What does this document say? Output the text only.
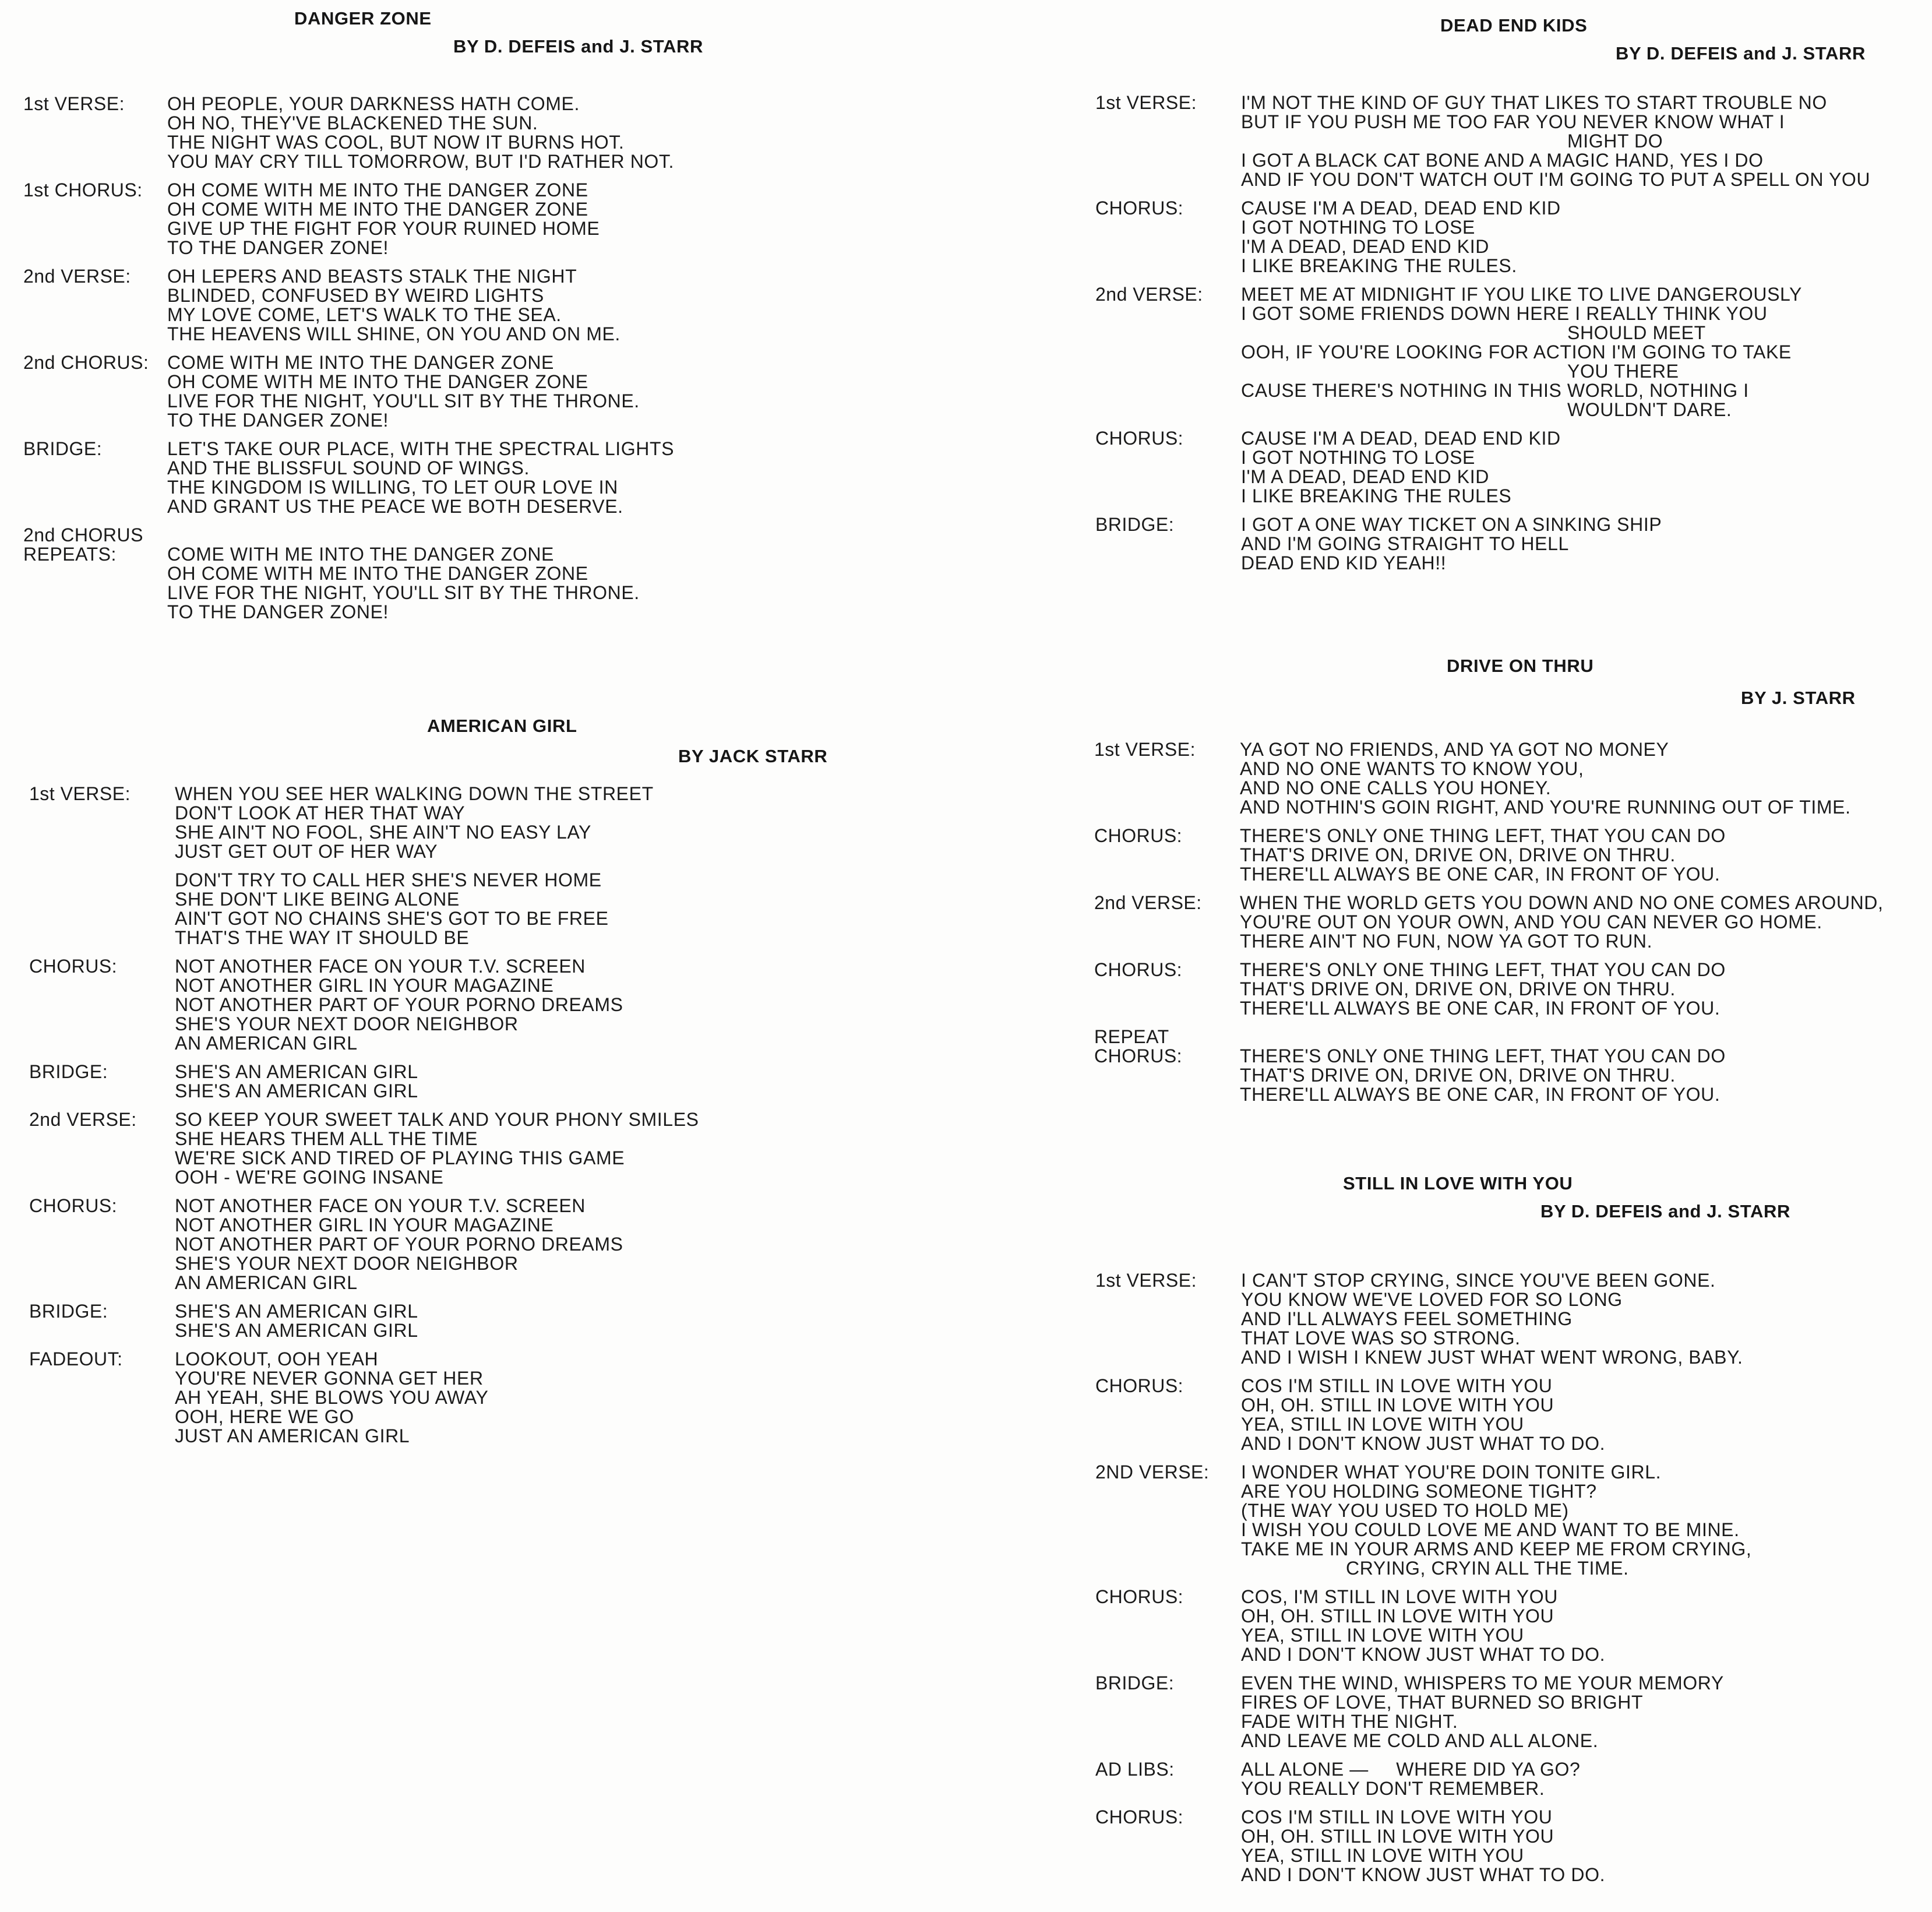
DANGER ZONE
BY D. DEFEIS and J. STARR
1st VERSE:	OH PEOPLE, YOUR DARKNESS HATH COME.
OH NO, THEY'VE BLACKENED THE SUN.
THE NIGHT WAS COOL, BUT NOW IT BURNS HOT.
YOU MAY CRY TILL TOMORROW, BUT I'D RATHER NOT.
1st CHORUS:	OH COME WITH ME INTO THE DANGER ZONE
OH COME WITH ME INTO THE DANGER ZONE
GIVE UP THE FIGHT FOR YOUR RUINED HOME
TO THE DANGER ZONE!
2nd VERSE:	OH LEPERS AND BEASTS STALK THE NIGHT
BLINDED, CONFUSED BY WEIRD LIGHTS
MY LOVE COME, LET'S WALK TO THE SEA.
THE HEAVENS WILL SHINE, ON YOU AND ON ME.
2nd CHORUS: COME WITH ME INTO THE DANGER ZONE
OH COME WITH ME INTO THE DANGER ZONE
LIVE FOR THE NIGHT, YOU'LL SIT BY THE THRONE.
TO THE DANGER ZONE!
BRIDGE:	LET'S TAKE OUR PLACE, WITH THE SPECTRAL LIGHTS
AND THE BLISSFUL SOUND OF WINGS.
THE KINGDOM IS WILLING, TO LET OUR LOVE IN
AND GRANT US THE PEACE WE BOTH DESERVE.
2nd CHORUS
REPEATS:	COME WITH ME INTO THE DANGER ZONE
OH COME WITH ME INTO THE DANGER ZONE
LIVE FOR THE NIGHT, YOU'LL SIT BY THE THRONE.
TO THE DANGER ZONE!
AMERICAN GIRL
BY JACK STARR
1st VERSE:	WHEN YOU SEE HER WALKING DOWN THE STREET
DON'T LOOK AT HER THAT WAY
SHE AIN'T NO FOOL, SHE AIN'T NO EASY LAY
JUST GET OUT OF HER WAY
DON'T TRY TO CALL HER SHE'S NEVER HOME
SHE DON'T LIKE BEING ALONE
AIN'T GOT NO CHAINS SHE'S GOT TO BE FREE
THAT'S THE WAY IT SHOULD BE
CHORUS:	NOT ANOTHER FACE ON YOUR T.V. SCREEN
NOT ANOTHER GIRL IN YOUR MAGAZINE
NOT ANOTHER PART OF YOUR PORNO DREAMS
SHE'S YOUR NEXT DOOR NEIGHBOR
AN AMERICAN GIRL
BRIDGE:	SHE'S AN AMERICAN GIRL
SHE'S AN AMERICAN GIRL
2nd VERSE:	SO KEEP YOUR SWEET TALK AND YOUR PHONY SMILES
SHE HEARS THEM ALL THE TIME
WE'RE SICK AND TIRED OF PLAYING THIS GAME
OOH - WE'RE GOING INSANE
CHORUS:	NOT ANOTHER FACE ON YOUR T.V. SCREEN
NOT ANOTHER GIRL IN YOUR MAGAZINE
NOT ANOTHER PART OF YOUR PORNO DREAMS
SHE'S YOUR NEXT DOOR NEIGHBOR
AN AMERICAN GIRL
BRIDGE:	SHE'S AN AMERICAN GIRL
SHE'S AN AMERICAN GIRL
FADEOUT:	LOOKOUT, OOH YEAH
YOU'RE NEVER GONNA GET HER
AH YEAH, SHE BLOWS YOU AWAY
OOH, HERE WE GO
JUST AN AMERICAN GIRL
DEAD END KIDS
BY D. DEFEIS and J. STARR
1st VERSE:	I'M NOT THE KIND OF GUY THAT LIKES TO START TROUBLE NO
BUT IF YOU PUSH ME TOO FAR YOU NEVER KNOW WHAT I
MIGHT DO
I GOT A BLACK CAT BONE AND A MAGIC HAND, YES I DO
AND IF YOU DON'T WATCH OUT I'M GOING TO PUT A SPELL ON YOU
CHORUS:	CAUSE I'M A DEAD, DEAD END KID
I GOT NOTHING TO LOSE
I'M A DEAD, DEAD END KID
I LIKE BREAKING THE RULES.
2nd VERSE:	MEET ME AT MIDNIGHT IF YOU LIKE TO LIVE DANGEROUSLY
I GOT SOME FRIENDS DOWN HERE I REALLY THINK YOU
SHOULD MEET
OOH, IF YOU'RE LOOKING FOR ACTION I'M GOING TO TAKE
YOU THERE
CAUSE THERE'S NOTHING IN THIS WORLD, NOTHING I
WOULDN'T DARE.
CHORUS:	CAUSE I'M A DEAD, DEAD END KID
I GOT NOTHING TO LOSE
I'M A DEAD, DEAD END KID
I LIKE BREAKING THE RULES
BRIDGE:	I GOT A ONE WAY TICKET ON A SINKING SHIP
AND I'M GOING STRAIGHT TO HELL
DEAD END KID YEAH!!
DRIVE ON THRU
BY J. STARR
1st VERSE:	YA GOT NO FRIENDS, AND YA GOT NO MONEY
AND NO ONE WANTS TO KNOW YOU,
AND NO ONE CALLS YOU HONEY.
AND NOTHIN'S GOIN RIGHT, AND YOU'RE RUNNING OUT OF TIME.
CHORUS:	THERE'S ONLY ONE THING LEFT, THAT YOU CAN DO
THAT'S DRIVE ON, DRIVE ON, DRIVE ON THRU.
THERE'LL ALWAYS BE ONE CAR, IN FRONT OF YOU.
2nd VERSE:	WHEN THE WORLD GETS YOU DOWN AND NO ONE COMES AROUND,
YOU'RE OUT ON YOUR OWN, AND YOU CAN NEVER GO HOME.
THERE AIN'T NO FUN, NOW YA GOT TO RUN.
CHORUS:	THERE'S ONLY ONE THING LEFT, THAT YOU CAN DO
THAT'S DRIVE ON, DRIVE ON, DRIVE ON THRU.
THERE'LL ALWAYS BE ONE CAR, IN FRONT OF YOU.
REPEAT
CHORUS:	THERE'S ONLY ONE THING LEFT, THAT YOU CAN DO
THAT'S DRIVE ON, DRIVE ON, DRIVE ON THRU.
THERE'LL ALWAYS BE ONE CAR, IN FRONT OF YOU.
STILL IN LOVE WITH YOU
BY D. DEFEIS and J. STARR
1st VERSE:	I CAN'T STOP CRYING, SINCE YOU'VE BEEN GONE.
YOU KNOW WE'VE LOVED FOR SO LONG
AND I'LL ALWAYS FEEL SOMETHING
THAT LOVE WAS SO STRONG.
AND I WISH I KNEW JUST WHAT WENT WRONG, BABY.
CHORUS:	COS I'M STILL IN LOVE WITH YOU
OH, OH. STILL IN LOVE WITH YOU
YEA, STILL IN LOVE WITH YOU
AND I DON'T KNOW JUST WHAT TO DO.
2ND VERSE:	I WONDER WHAT YOU'RE DOIN TONITE GIRL.
ARE YOU HOLDING SOMEONE TIGHT?
(THE WAY YOU USED TO HOLD ME)
I WISH YOU COULD LOVE ME AND WANT TO BE MINE.
TAKE ME IN YOUR ARMS AND KEEP ME FROM CRYING,
CRYING, CRYIN ALL THE TIME.
CHORUS:	COS, I'M STILL IN LOVE WITH YOU
OH, OH. STILL IN LOVE WITH YOU
YEA, STILL IN LOVE WITH YOU
AND I DON'T KNOW JUST WHAT TO DO.
BRIDGE:	EVEN THE WIND, WHISPERS TO ME YOUR MEMORY
FIRES OF LOVE, THAT BURNED SO BRIGHT
FADE WITH THE NIGHT.
AND LEAVE ME COLD AND ALL ALONE.
AD LIBS:	ALL ALONE —     WHERE DID YA GO?
YOU REALLY DON'T REMEMBER.
CHORUS:	COS I'M STILL IN LOVE WITH YOU
OH, OH. STILL IN LOVE WITH YOU
YEA, STILL IN LOVE WITH YOU
AND I DON'T KNOW JUST WHAT TO DO.
